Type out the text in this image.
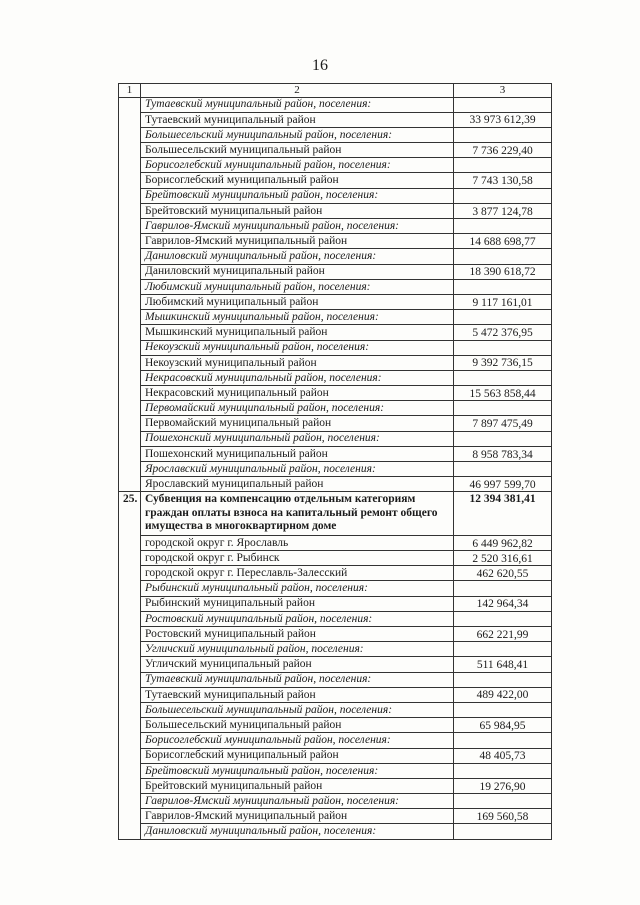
16
1	2	3
	Тутаевский муниципальный район, поселения:	
	Тутаевский муниципальный район	33 973 612,39
	Большесельский муниципальный район, поселения:	
	Большесельский муниципальный район	7 736 229,40
	Борисоглебский муниципальный район, поселения:	
	Борисоглебский муниципальный район	7 743 130,58
	Брейтовский муниципальный район, поселения:	
	Брейтовский муниципальный район	3 877 124,78
	Гаврилов-Ямский муниципальный район, поселения:	
	Гаврилов-Ямский муниципальный район	14 688 698,77
	Даниловский муниципальный район, поселения:	
	Даниловский муниципальный район	18 390 618,72
	Любимский муниципальный район, поселения:	
	Любимский муниципальный район	9 117 161,01
	Мышкинский муниципальный район, поселения:	
	Мышкинский муниципальный район	5 472 376,95
	Некоузский муниципальный район, поселения:	
	Некоузский муниципальный район	9 392 736,15
	Некрасовский муниципальный район, поселения:	
	Некрасовский муниципальный район	15 563 858,44
	Первомайский муниципальный район, поселения:	
	Первомайский муниципальный район	7 897 475,49
	Пошехонский муниципальный район, поселения:	
	Пошехонский муниципальный район	8 958 783,34
	Ярославский муниципальный район, поселения:	
	Ярославский муниципальный район	46 997 599,70
25.	Субвенция на компенсацию отдельным категориям граждан оплаты взноса на капитальный ремонт общего имущества в многоквартирном доме	12 394 381,41
	городской округ г. Ярославль	6 449 962,82
	городской округ г. Рыбинск	2 520 316,61
	городской округ г. Переславль-Залесский	462 620,55
	Рыбинский муниципальный район, поселения:	
	Рыбинский муниципальный район	142 964,34
	Ростовский муниципальный район, поселения:	
	Ростовский муниципальный район	662 221,99
	Угличский муниципальный район, поселения:	
	Угличский муниципальный район	511 648,41
	Тутаевский муниципальный район, поселения:	
	Тутаевский муниципальный район	489 422,00
	Большесельский муниципальный район, поселения:	
	Большесельский муниципальный район	65 984,95
	Борисоглебский муниципальный район, поселения:	
	Борисоглебский муниципальный район	48 405,73
	Брейтовский муниципальный район, поселения:	
	Брейтовский муниципальный район	19 276,90
	Гаврилов-Ямский муниципальный район, поселения:	
	Гаврилов-Ямский муниципальный район	169 560,58
	Даниловский муниципальный район, поселения:	
